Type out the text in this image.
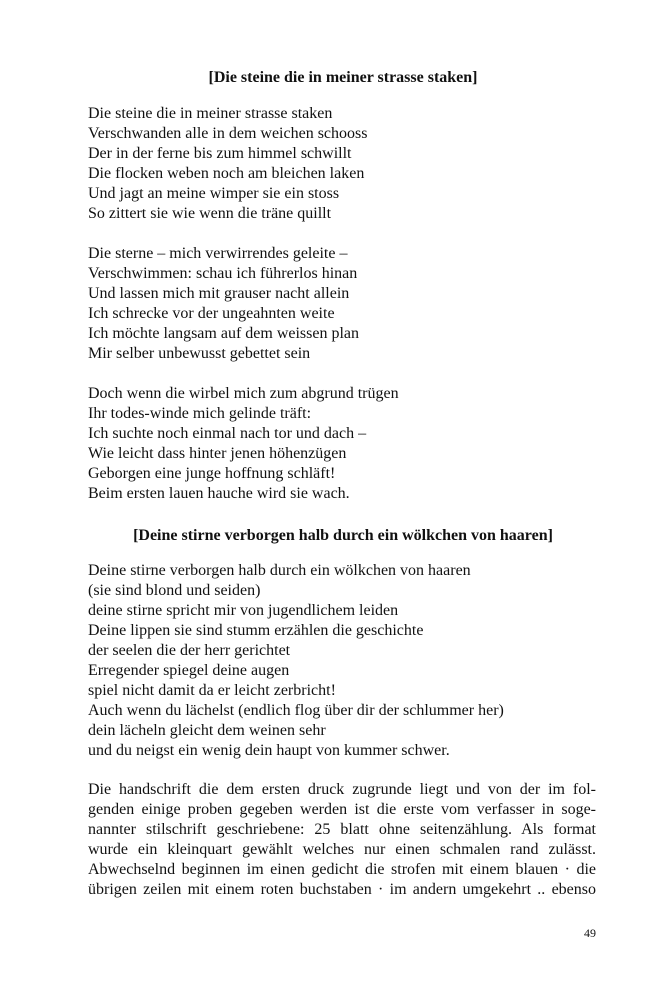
[Die steine die in meiner strasse staken]
Die steine die in meiner strasse staken
Verschwanden alle in dem weichen schooss
Der in der ferne bis zum himmel schwillt
Die flocken weben noch am bleichen laken
Und jagt an meine wimper sie ein stoss
So zittert sie wie wenn die träne quillt
Die sterne – mich verwirrendes geleite –
Verschwimmen: schau ich führerlos hinan
Und lassen mich mit grauser nacht allein
Ich schrecke vor der ungeahnten weite
Ich möchte langsam auf dem weissen plan
Mir selber unbewusst gebettet sein
Doch wenn die wirbel mich zum abgrund trügen
Ihr todes-winde mich gelinde träft:
Ich suchte noch einmal nach tor und dach –
Wie leicht dass hinter jenen höhenzügen
Geborgen eine junge hoffnung schläft!
Beim ersten lauen hauche wird sie wach.
[Deine stirne verborgen halb durch ein wölkchen von haaren]
Deine stirne verborgen halb durch ein wölkchen von haaren
(sie sind blond und seiden)
deine stirne spricht mir von jugendlichem leiden
Deine lippen sie sind stumm erzählen die geschichte
der seelen die der herr gerichtet
Erregender spiegel deine augen
spiel nicht damit da er leicht zerbricht!
Auch wenn du lächelst (endlich flog über dir der schlummer her)
dein lächeln gleicht dem weinen sehr
und du neigst ein wenig dein haupt von kummer schwer.
Die handschrift die dem ersten druck zugrunde liegt und von der im fol-
genden einige proben gegeben werden ist die erste vom verfasser in soge-
nannter stilschrift geschriebene: 25 blatt ohne seitenzählung. Als format
wurde ein kleinquart gewählt welches nur einen schmalen rand zulässt.
Abwechselnd beginnen im einen gedicht die strofen mit einem blauen · die
übrigen zeilen mit einem roten buchstaben · im andern umgekehrt .. ebenso
49
